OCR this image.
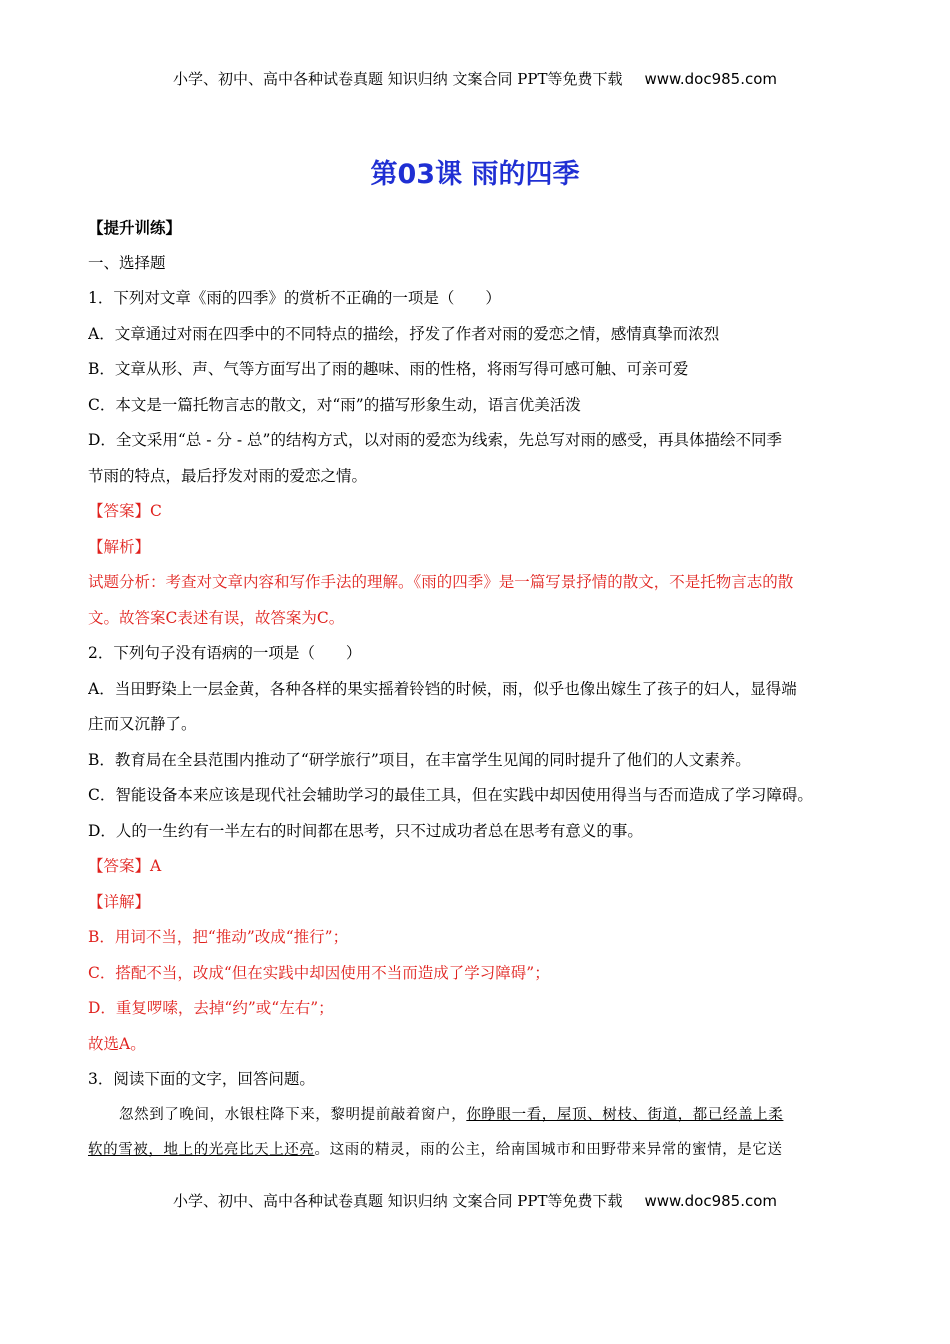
小学、初中、高中各种试卷真题 知识归纳 文案合同 PPT等免费下载 www.doc985.com
第03课 雨的四季
【提升训练】
一、选择题
1．下列对文章《雨的四季》的赏析不正确的一项是（　　）
A．文章通过对雨在四季中的不同特点的描绘，抒发了作者对雨的爱恋之情，感情真挚而浓烈
B．文章从形、声、气等方面写出了雨的趣味、雨的性格，将雨写得可感可触、可亲可爱
C．本文是一篇托物言志的散文，对“雨”的描写形象生动，语言优美活泼
D．全文采用“总 - 分 - 总”的结构方式，以对雨的爱恋为线索，先总写对雨的感受，再具体描绘不同季
节雨的特点，最后抒发对雨的爱恋之情。
【答案】C
【解析】
试题分析：考查对文章内容和写作手法的理解。《雨的四季》是一篇写景抒情的散文，不是托物言志的散
文。故答案C表述有误，故答案为C。
2．下列句子没有语病的一项是（　　）
A．当田野染上一层金黄，各种各样的果实摇着铃铛的时候，雨，似乎也像出嫁生了孩子的妇人，显得端
庄而又沉静了。
B．教育局在全县范围内推动了“研学旅行”项目，在丰富学生见闻的同时提升了他们的人文素养。
C．智能设备本来应该是现代社会辅助学习的最佳工具，但在实践中却因使用得当与否而造成了学习障碍。
D．人的一生约有一半左右的时间都在思考，只不过成功者总在思考有意义的事。
【答案】A
【详解】
B．用词不当，把“推动”改成“推行”；
C．搭配不当，改成“但在实践中却因使用不当而造成了学习障碍”；
D．重复啰嗦，去掉“约”或“左右”；
故选A。
3．阅读下面的文字，回答问题。
忽然到了晚间，水银柱降下来，黎明提前敲着窗户，你睁眼一看，屋顶、树枝、街道，都已经盖上柔
软的雪被，地上的光亮比天上还亮。这雨的精灵，雨的公主，给南国城市和田野带来异常的蜜情，是它送
小学、初中、高中各种试卷真题 知识归纳 文案合同 PPT等免费下载 www.doc985.com
